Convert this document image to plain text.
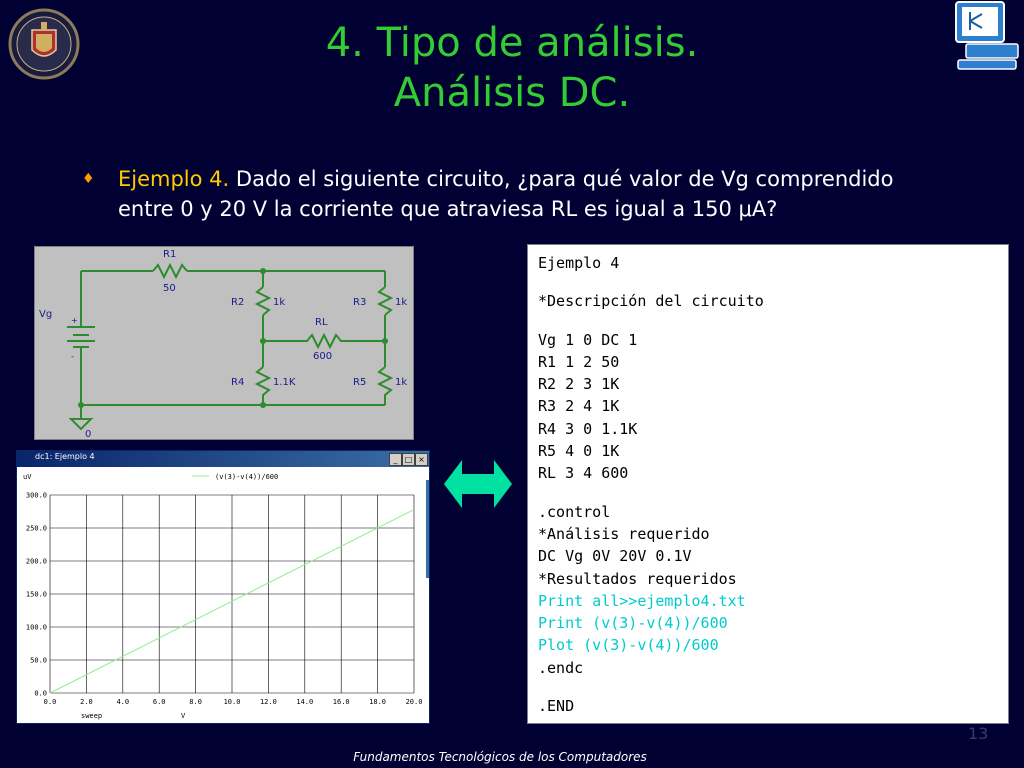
4. Tipo de análisis.
Análisis DC.
♦ Ejemplo 4. Dado el siguiente circuito, ¿para qué valor de Vg comprendido
entre 0 y 20 V la corriente que atraviesa RL es igual a 150 μA?
R1
50
R2	1k	R3	1k
RL
600
R4	1.1K	R5	1k
Vg
+
-
0
dc1: Ejemplo 4	_ □ ×
uV	(v(3)-v(4))/600
0.0	2.0	4.0	6.0	8.0	10.0	12.0	14.0	16.0	18.0	20.0
0.0
50.0
100.0
150.0
200.0
250.0
300.0
sweep	V
Ejemplo 4
*Descripción del circuito
Vg 1 0 DC 1
R1 1 2 50
R2 2 3 1K
R3 2 4 1K
R4 3 0 1.1K
R5 4 0 1K
RL 3 4 600
.control
*Análisis requerido
DC Vg 0V 20V 0.1V
*Resultados requeridos
Print all>>ejemplo4.txt
Print (v(3)-v(4))/600
Plot (v(3)-v(4))/600
.endc
.END
13
Fundamentos Tecnológicos de los Computadores
